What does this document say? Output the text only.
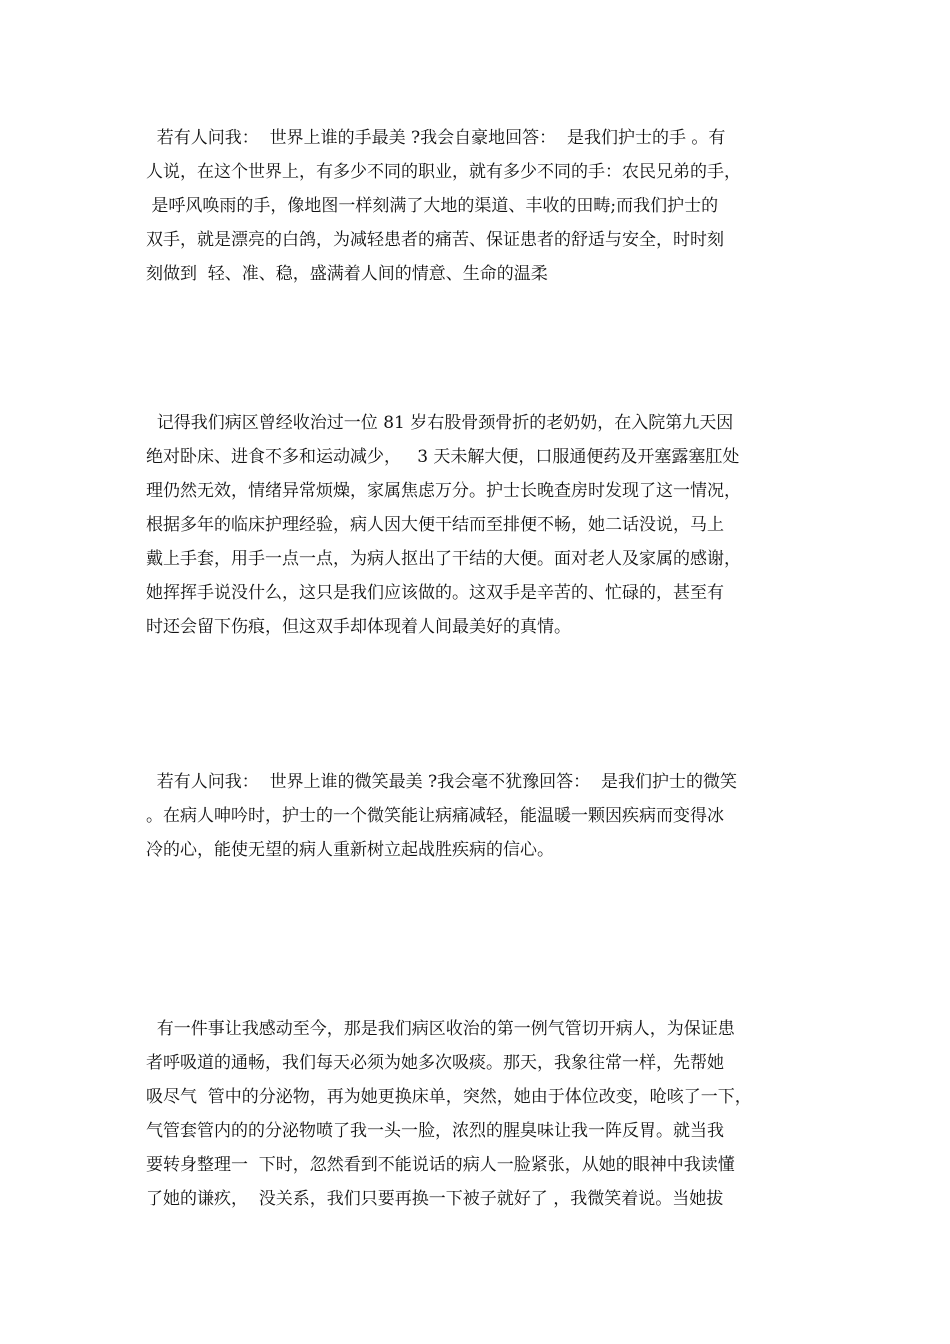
若有人问我：  世界上谁的手最美 ?我会自豪地回答：  是我们护士的手 。有
人说，在这个世界上，有多少不同的职业，就有多少不同的手：农民兄弟的手，
是呼风唤雨的手，像地图一样刻满了大地的渠道、丰收的田畴;而我们护士的
双手，就是漂亮的白鸽，为减轻患者的痛苦、保证患者的舒适与安全，时时刻
刻做到  轻、准、稳，盛满着人间的情意、生命的温柔
记得我们病区曾经收治过一位 81 岁右股骨颈骨折的老奶奶，在入院第九天因
绝对卧床、进食不多和运动减少，   3 天未解大便，口服通便药及开塞露塞肛处
理仍然无效，情绪异常烦燥，家属焦虑万分。护士长晚查房时发现了这一情况，
根据多年的临床护理经验，病人因大便干结而至排便不畅，她二话没说，马上
戴上手套，用手一点一点，为病人抠出了干结的大便。面对老人及家属的感谢，
她挥挥手说没什么，这只是我们应该做的。这双手是辛苦的、忙碌的，甚至有
时还会留下伤痕，但这双手却体现着人间最美好的真情。
若有人问我：  世界上谁的微笑最美 ?我会毫不犹豫回答：  是我们护士的微笑
。在病人呻吟时，护士的一个微笑能让病痛减轻，能温暖一颗因疾病而变得冰
冷的心，能使无望的病人重新树立起战胜疾病的信心。
有一件事让我感动至今，那是我们病区收治的第一例气管切开病人，为保证患
者呼吸道的通畅，我们每天必须为她多次吸痰。那天，我象往常一样，先帮她
吸尽气  管中的分泌物，再为她更换床单，突然，她由于体位改变，呛咳了一下，
气管套管内的的分泌物喷了我一头一脸，浓烈的腥臭味让我一阵反胃。就当我
要转身整理一  下时，忽然看到不能说话的病人一脸紧张，从她的眼神中我读懂
了她的谦疚，  没关系，我们只要再换一下被子就好了 ，我微笑着说。当她拔
